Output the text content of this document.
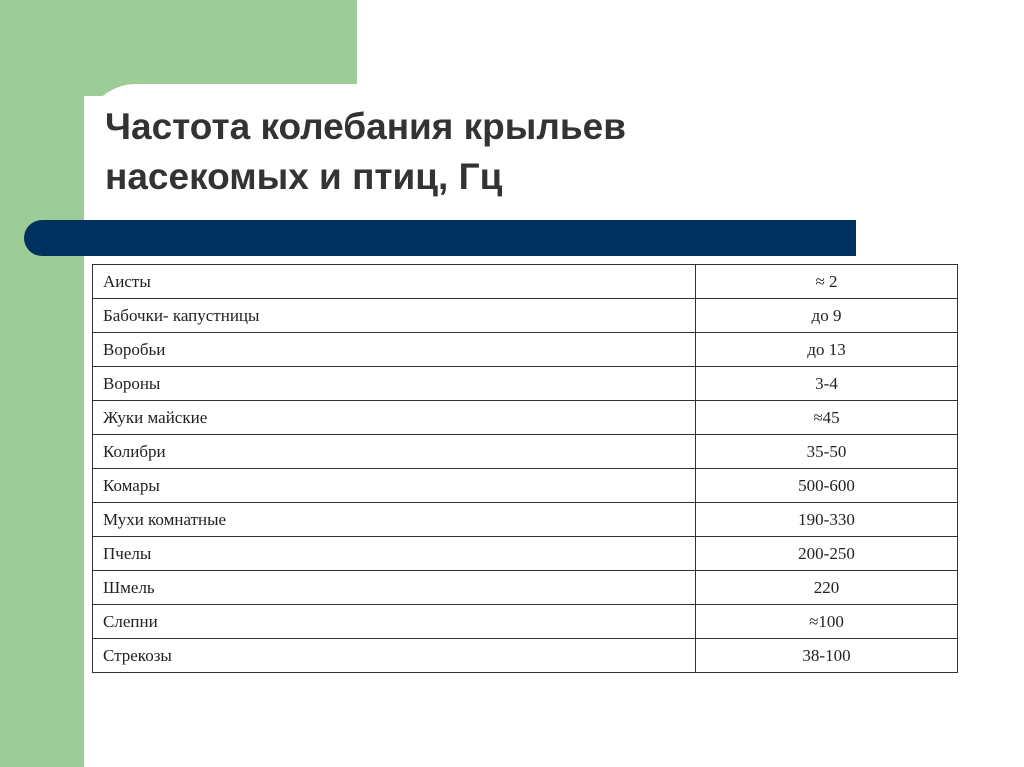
Частота колебания крыльев
насекомых и птиц, Гц
Аисты	≈ 2
Бабочки- капустницы	до 9
Воробьи	до 13
Вороны	3-4
Жуки майские	≈45
Колибри	35-50
Комары	500-600
Мухи комнатные	190-330
Пчелы	200-250
Шмель	220
Слепни	≈100
Стрекозы	38-100
